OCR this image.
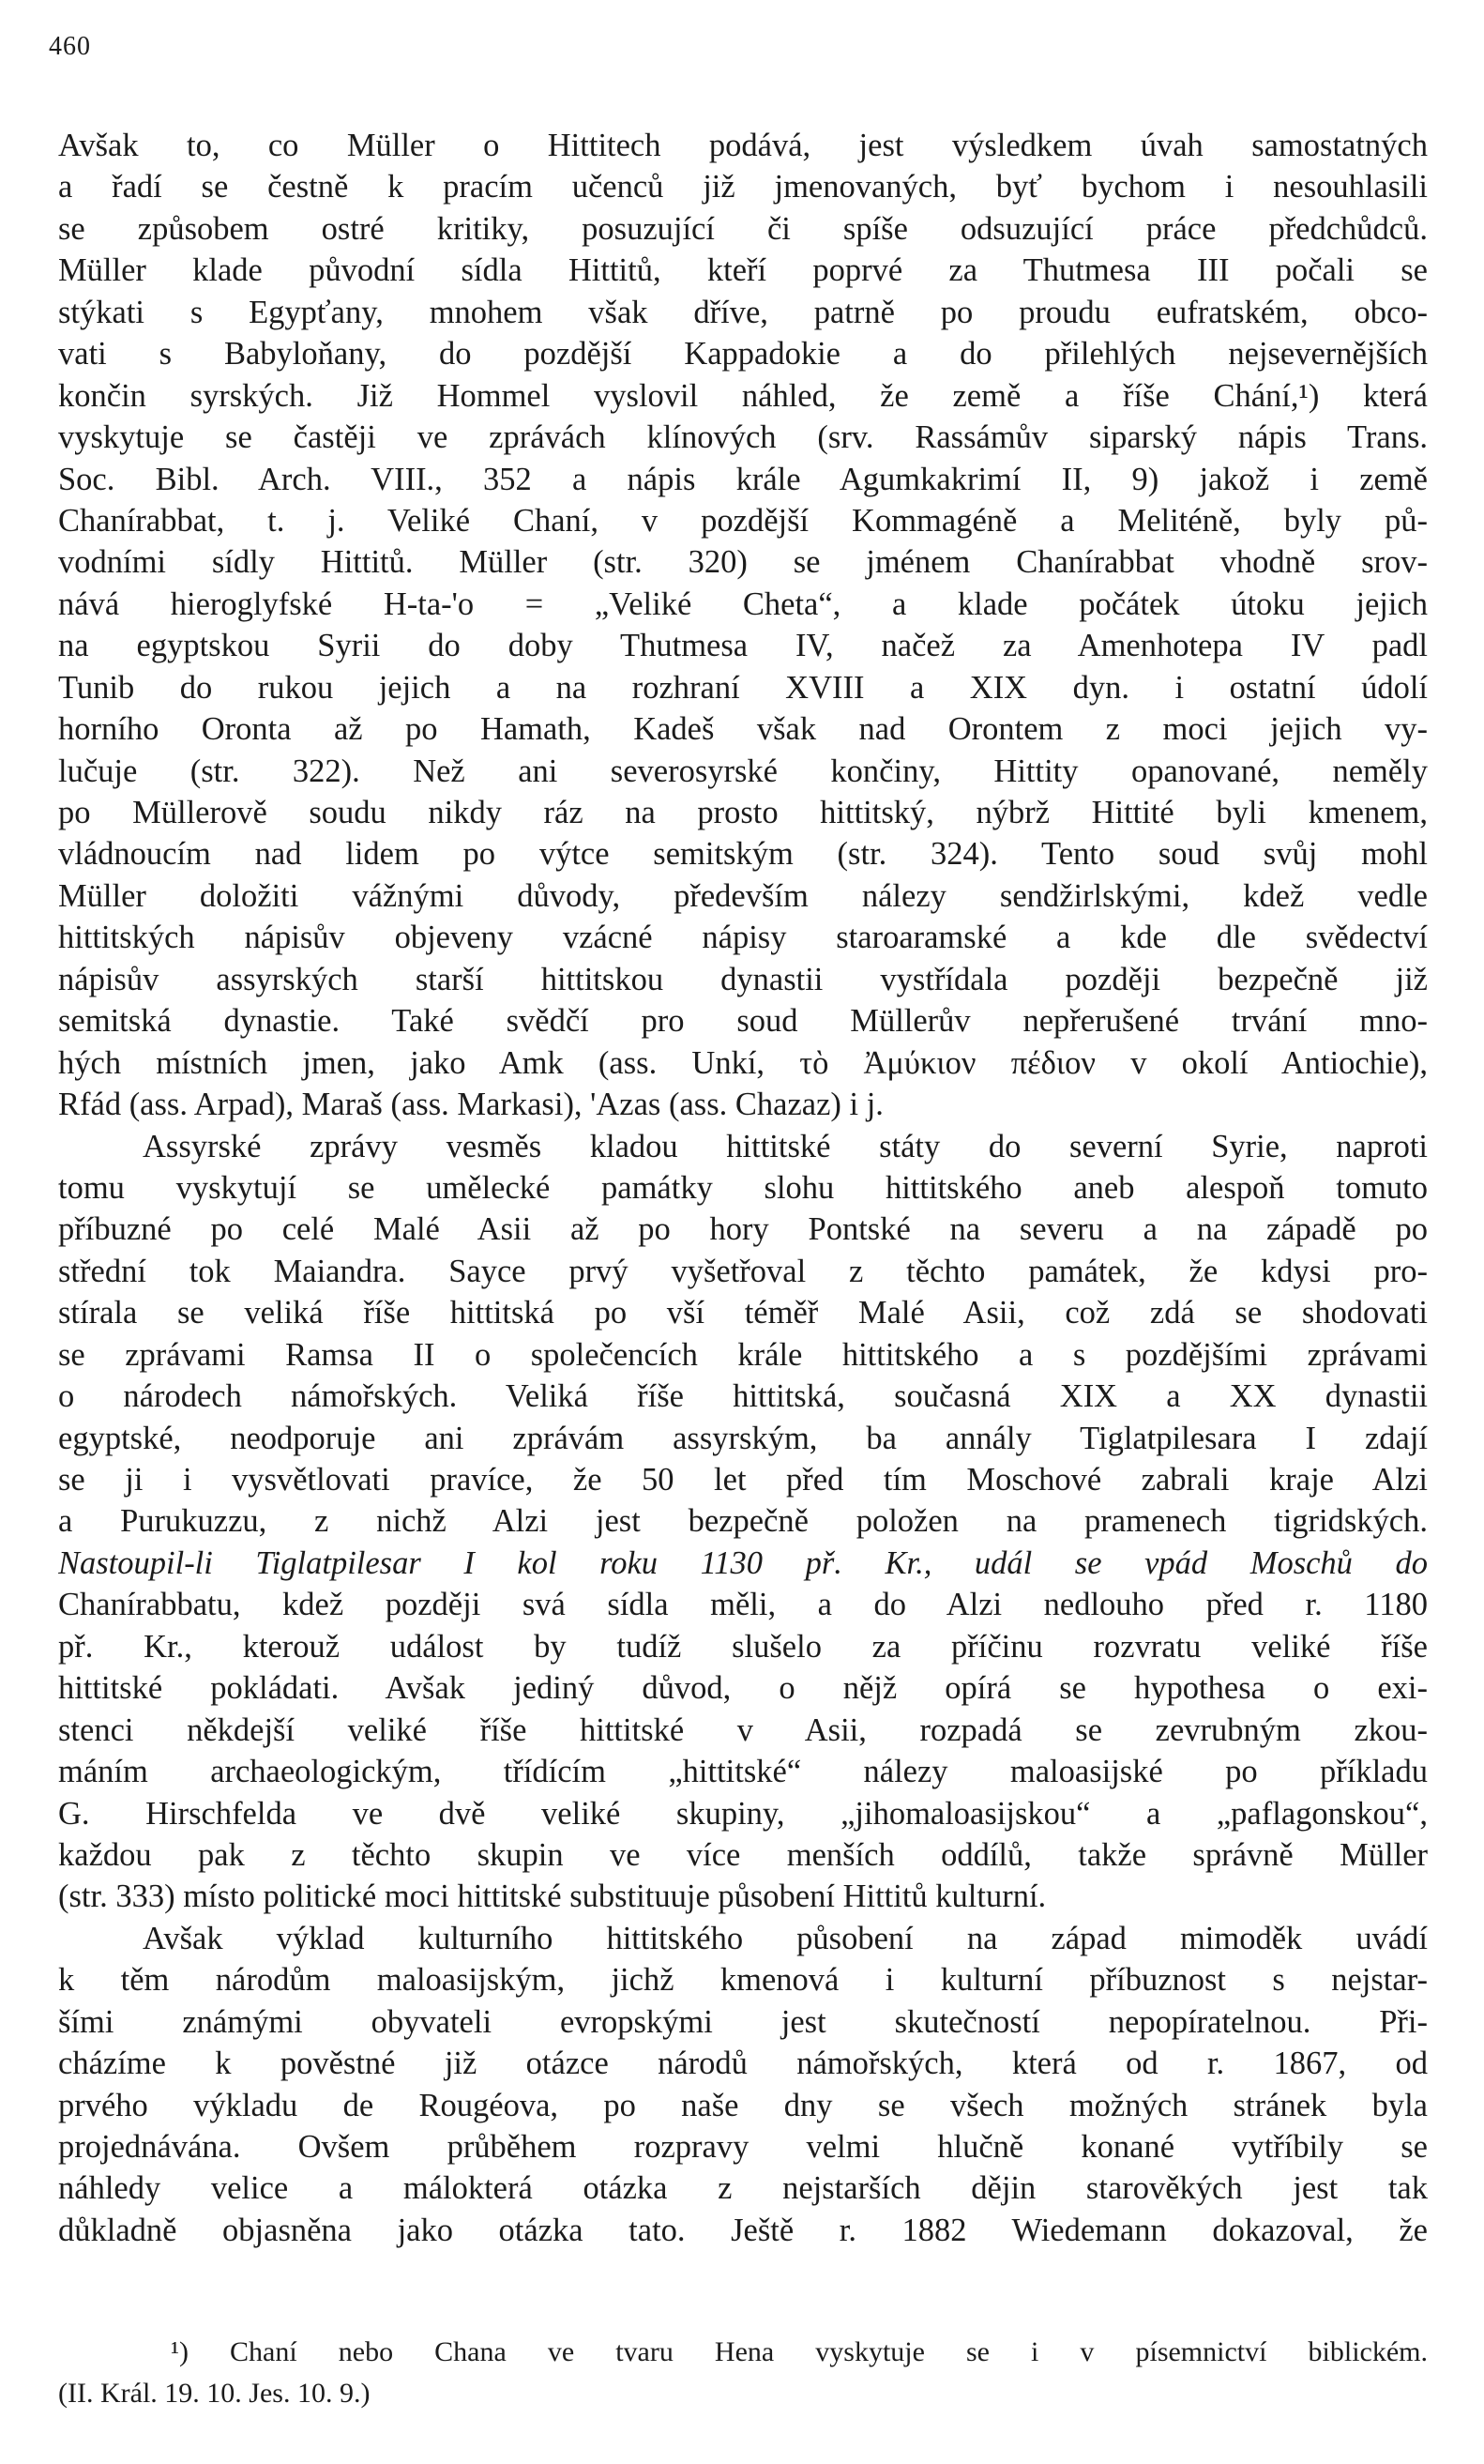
460
Avšak to, co Müller o Hittitech podává, jest výsledkem úvah samostatných
a řadí se čestně k pracím učenců již jmenovaných, byť bychom i nesouhlasili
se způsobem ostré kritiky, posuzující či spíše odsuzující práce předchůdců.
Müller klade původní sídla Hittitů, kteří poprvé za Thutmesa III počali se
stýkati s Egypťany, mnohem však dříve, patrně po proudu eufratském, obco-
vati s Babyloňany, do pozdější Kappadokie a do přilehlých nejsevernějších
končin syrských. Již Hommel vyslovil náhled, že země a říše Chání,¹) která
vyskytuje se častěji ve zprávách klínových (srv. Rassámův siparský nápis Trans.
Soc. Bibl. Arch. VIII., 352 a nápis krále Agumkakrimí II, 9) jakož i země
Chanírabbat, t. j. Veliké Chaní, v pozdější Kommagéně a Meliténě, byly pů-
vodními sídly Hittitů. Müller (str. 320) se jménem Chanírabbat vhodně srov-
nává hieroglyfské H-ta-'o = „Veliké Cheta“, a klade počátek útoku jejich
na egyptskou Syrii do doby Thutmesa IV, načež za Amenhotepa IV padl
Tunib do rukou jejich a na rozhraní XVIII a XIX dyn. i ostatní údolí
horního Oronta až po Hamath, Kadeš však nad Orontem z moci jejich vy-
lučuje (str. 322). Než ani severosyrské končiny, Hittity opanované, neměly
po Müllerově soudu nikdy ráz na prosto hittitský, nýbrž Hittité byli kmenem,
vládnoucím nad lidem po výtce semitským (str. 324). Tento soud svůj mohl
Müller doložiti vážnými důvody, především nálezy sendžirlskými, kdež vedle
hittitských nápisův objeveny vzácné nápisy staroaramské a kde dle svědectví
nápisův assyrských starší hittitskou dynastii vystřídala později bezpečně již
semitská dynastie. Také svědčí pro soud Müllerův nepřerušené trvání mno-
hých místních jmen, jako Amk (ass. Unkí, τὸ Ἀμύκιον πέδιον v okolí Antiochie),
Rfád (ass. Arpad), Maraš (ass. Markasi), 'Azas (ass. Chazaz) i j.
Assyrské zprávy vesměs kladou hittitské státy do severní Syrie, naproti
tomu vyskytují se umělecké památky slohu hittitského aneb alespoň tomuto
příbuzné po celé Malé Asii až po hory Pontské na severu a na západě po
střední tok Maiandra. Sayce prvý vyšetřoval z těchto památek, že kdysi pro-
stírala se veliká říše hittitská po vší téměř Malé Asii, což zdá se shodovati
se zprávami Ramsa II o společencích krále hittitského a s pozdějšími zprávami
o národech námořských. Veliká říše hittitská, současná XIX a XX dynastii
egyptské, neodporuje ani zprávám assyrským, ba annály Tiglatpilesara I zdají
se ji i vysvětlovati pravíce, že 50 let před tím Moschové zabrali kraje Alzi
a Purukuzzu, z nichž Alzi jest bezpečně položen na pramenech tigridských.
Nastoupil-li Tiglatpilesar I kol roku 1130 př. Kr., udál se vpád Moschů do
Chanírabbatu, kdež později svá sídla měli, a do Alzi nedlouho před r. 1180
př. Kr., kterouž událost by tudíž slušelo za příčinu rozvratu veliké říše
hittitské pokládati. Avšak jediný důvod, o nějž opírá se hypothesa o exi-
stenci někdejší veliké říše hittitské v Asii, rozpadá se zevrubným zkou-
máním archaeologickým, třídícím „hittitské“ nálezy maloasijské po příkladu
G. Hirschfelda ve dvě veliké skupiny, „jihomaloasijskou“ a „paflagonskou“,
každou pak z těchto skupin ve více menších oddílů, takže správně Müller
(str. 333) místo politické moci hittitské substituuje působení Hittitů kulturní.
Avšak výklad kulturního hittitského působení na západ mimoděk uvádí
k těm národům maloasijským, jichž kmenová i kulturní příbuznost s nejstar-
šími známými obyvateli evropskými jest skutečností nepopíratelnou. Při-
cházíme k pověstné již otázce národů námořských, která od r. 1867, od
prvého výkladu de Rougéova, po naše dny se všech možných stránek byla
projednávána. Ovšem průběhem rozpravy velmi hlučně konané vytříbily se
náhledy velice a málokterá otázka z nejstarších dějin starověkých jest tak
důkladně objasněna jako otázka tato. Ještě r. 1882 Wiedemann dokazoval, že
¹) Chaní nebo Chana ve tvaru Hena vyskytuje se i v písemnictví biblickém.
(II. Král. 19. 10. Jes. 10. 9.)
